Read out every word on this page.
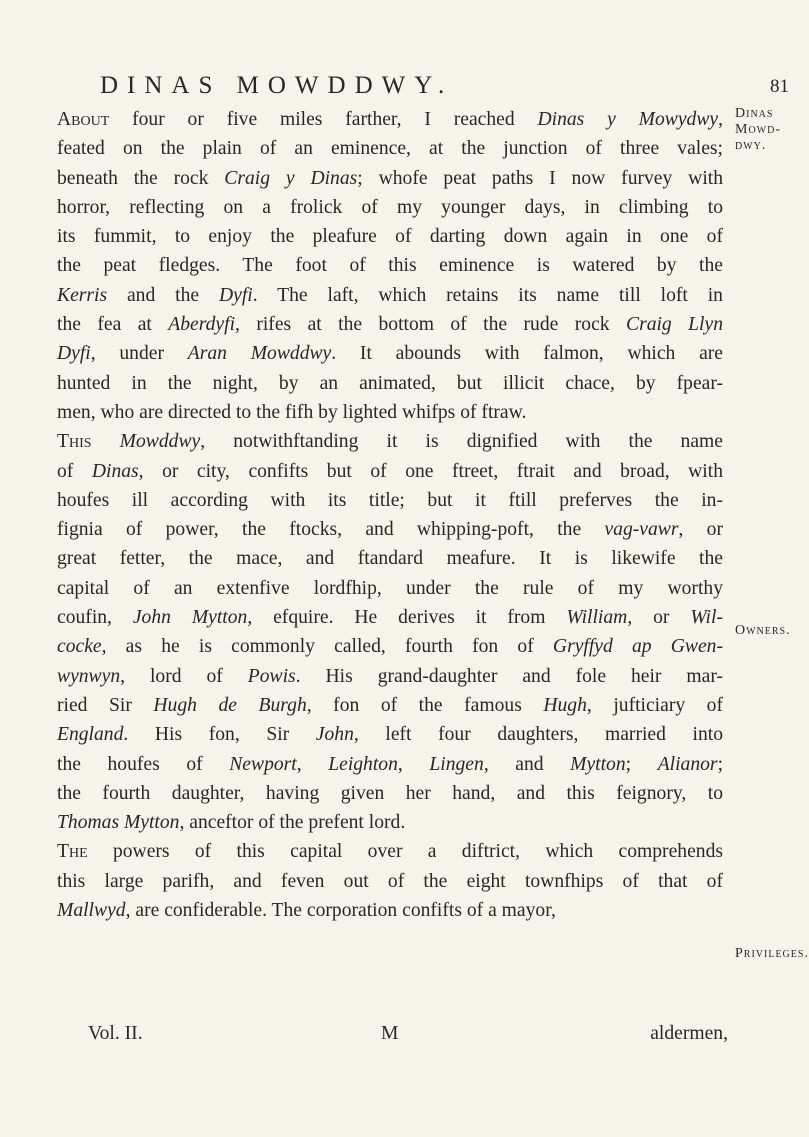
DINAS MOWDDWY.	81
About four or five miles farther, I reached Dinas y Mowydwy,
feated on the plain of an eminence, at the junction of three vales;
beneath the rock Craig y Dinas; whofe peat paths I now furvey with
horror, reflecting on a frolick of my younger days, in climbing to
its fummit, to enjoy the pleafure of darting down again in one of
the peat fledges. The foot of this eminence is watered by the
Kerris and the Dyfi. The laft, which retains its name till loft in
the fea at Aberdyfi, rifes at the bottom of the rude rock Craig Llyn
Dyfi, under Aran Mowddwy. It abounds with falmon, which are
hunted in the night, by an animated, but illicit chace, by fpear-
men, who are directed to the fifh by lighted whifps of ftraw.
This Mowddwy, notwithftanding it is dignified with the name
of Dinas, or city, confifts but of one ftreet, ftrait and broad, with
houfes ill according with its title; but it ftill preferves the in-
fignia of power, the ftocks, and whipping-poft, the vag-vawr, or
great fetter, the mace, and ftandard meafure. It is likewife the
capital of an extenfive lordfhip, under the rule of my worthy
coufin, John Mytton, efquire. He derives it from William, or Wil-
cocke, as he is commonly called, fourth fon of Gryffyd ap Gwen-
wynwyn, lord of Powis. His grand-daughter and fole heir mar-
ried Sir Hugh de Burgh, fon of the famous Hugh, jufticiary of
England. His fon, Sir John, left four daughters, married into
the houfes of Newport, Leighton, Lingen, and Mytton; Alianor;
the fourth daughter, having given her hand, and this feignory, to
Thomas Mytton, anceftor of the prefent lord.
The powers of this capital over a diftrict, which comprehends
this large parifh, and feven out of the eight townfhips of that of
Mallwyd, are confiderable. The corporation confifts of a mayor,
Dinas Mowd- dwy.
Owners.
Privileges.
Vol. II.	M	aldermen,
